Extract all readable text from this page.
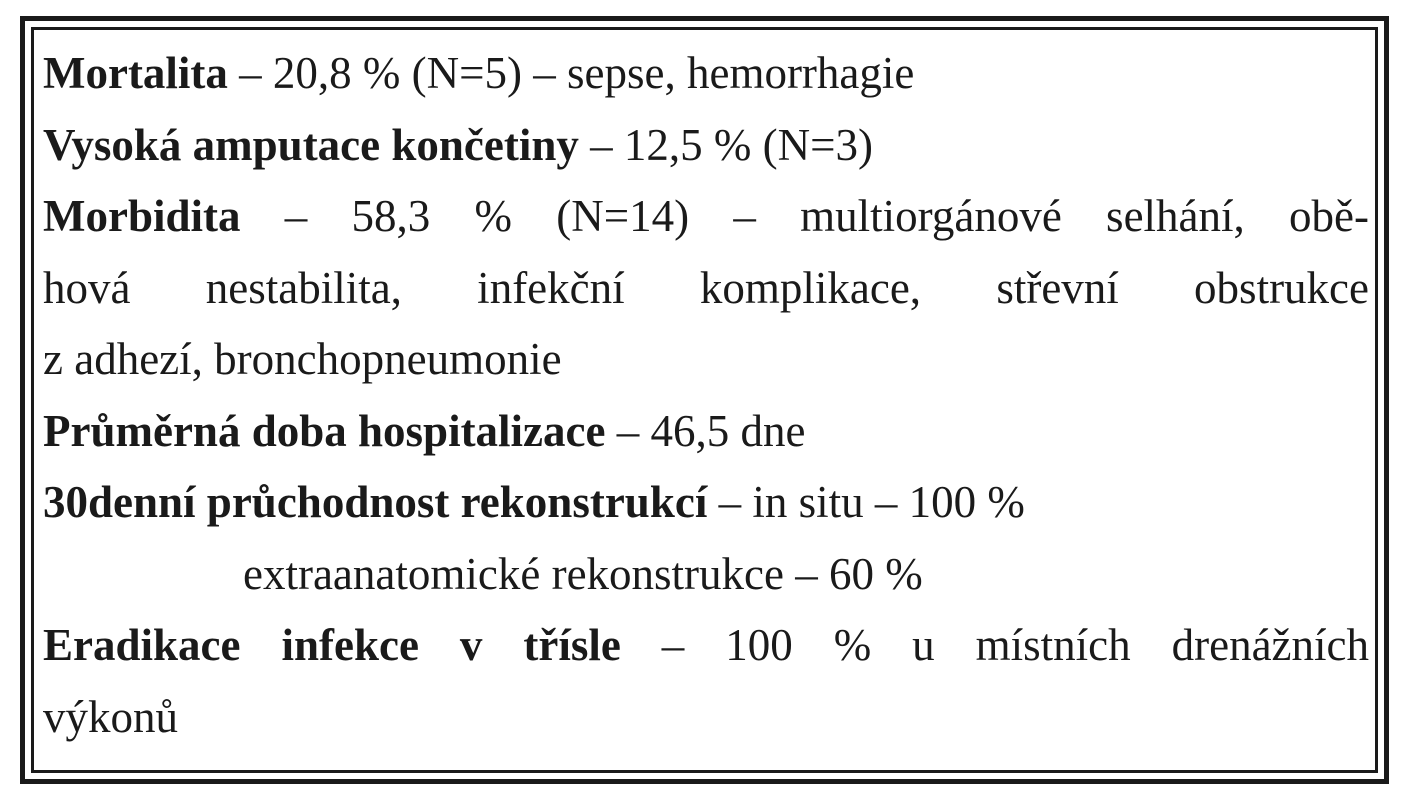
Mortalita – 20,8 % (N=5) – sepse, hemorrhagie
Vysoká amputace končetiny – 12,5 % (N=3)
Morbidita – 58,3 % (N=14) – multiorgánové selhání, obě-
hová nestabilita, infekční komplikace, střevní obstrukce
z adhezí, bronchopneumonie
Průměrná doba hospitalizace – 46,5 dne
30denní průchodnost rekonstrukcí – in situ – 100 %
extraanatomické rekonstrukce – 60 %
Eradikace infekce v třísle – 100 % u místních drenážních
výkonů
